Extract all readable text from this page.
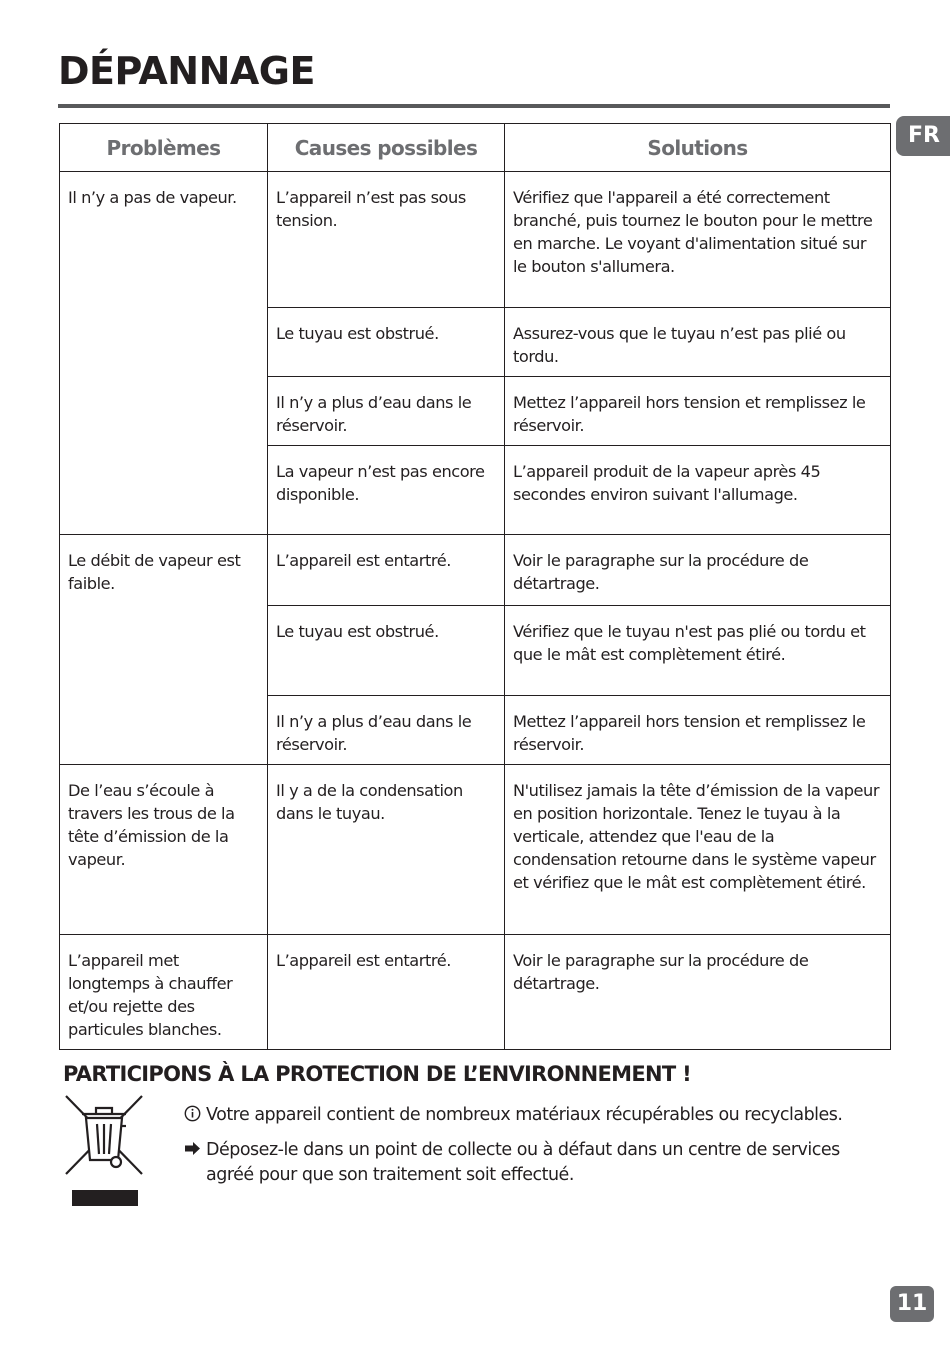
DÉPANNAGE
FR
Problèmes	Causes possibles	Solutions
Il n’y a pas de vapeur.	L’appareil n’est pas sous tension.	Vérifiez que l'appareil a été correctement branché, puis tournez le bouton pour le mettre en marche. Le voyant d'alimentation situé sur le bouton s'allumera.
	Le tuyau est obstrué.	Assurez-vous que le tuyau n’est pas plié ou tordu.
	Il n’y a plus d’eau dans le réservoir.	Mettez l’appareil hors tension et remplissez le réservoir.
	La vapeur n’est pas encore disponible.	L’appareil produit de la vapeur après 45 secondes environ suivant l'allumage.
Le débit de vapeur est faible.	L’appareil est entartré.	Voir le paragraphe sur la procédure de détartrage.
	Le tuyau est obstrué.	Vérifiez que le tuyau n'est pas plié ou tordu et que le mât est complètement étiré.
	Il n’y a plus d’eau dans le réservoir.	Mettez l’appareil hors tension et remplissez le réservoir.
De l’eau s’écoule à travers les trous de la tête d’émission de la vapeur.	Il y a de la condensation dans le tuyau.	N'utilisez jamais la tête d’émission de la vapeur en position horizontale. Tenez le tuyau à la verticale, attendez que l'eau de la condensation retourne dans le système vapeur et vérifiez que le mât est complètement étiré.
L’appareil met longtemps à chauffer et/ou rejette des particules blanches.	L’appareil est entartré.	Voir le paragraphe sur la procédure de détartrage.
PARTICIPONS À LA PROTECTION DE L’ENVIRONNEMENT !
Votre appareil contient de nombreux matériaux récupérables ou recyclables.
Déposez-le dans un point de collecte ou à défaut dans un centre de services
agréé pour que son traitement soit effectué.
11
